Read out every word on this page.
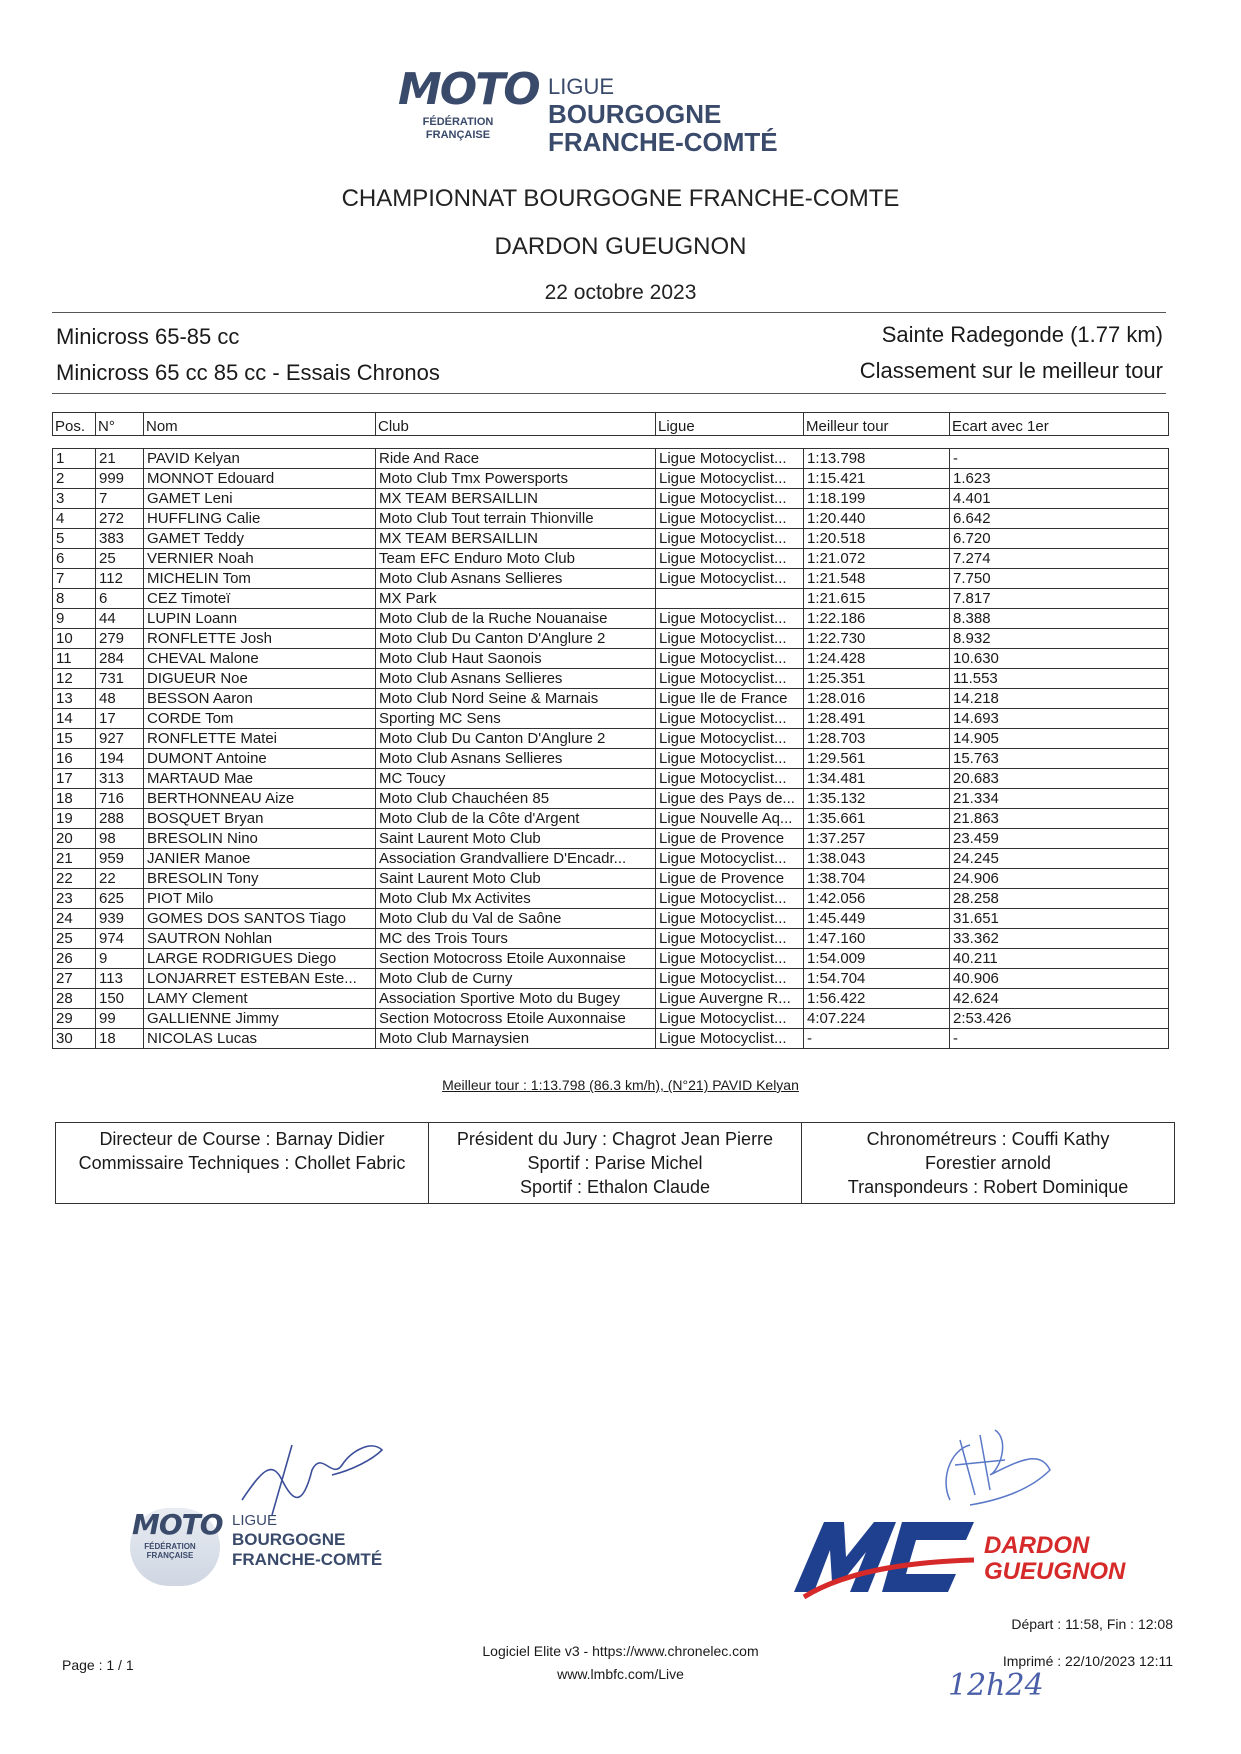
MOTO
FÉDÉRATION
FRANÇAISE
LIGUE
BOURGOGNE
FRANCHE-COMTÉ
CHAMPIONNAT BOURGOGNE FRANCHE-COMTE
DARDON GUEUGNON
22 octobre 2023
Minicross 65-85 cc
Minicross 65 cc 85 cc - Essais Chronos
Sainte Radegonde (1.77 km)
Classement sur le meilleur tour
Pos.	N°	Nom	Club	Ligue	Meilleur tour	Ecart avec 1er

1	21	PAVID Kelyan	Ride And Race	Ligue Motocyclist...	1:13.798	-
2	999	MONNOT Edouard	Moto Club Tmx Powersports	Ligue Motocyclist...	1:15.421	1.623
3	7	GAMET Leni	MX TEAM BERSAILLIN	Ligue Motocyclist...	1:18.199	4.401
4	272	HUFFLING Calie	Moto Club Tout terrain Thionville	Ligue Motocyclist...	1:20.440	6.642
5	383	GAMET Teddy	MX TEAM BERSAILLIN	Ligue Motocyclist...	1:20.518	6.720
6	25	VERNIER Noah	Team EFC Enduro Moto Club	Ligue Motocyclist...	1:21.072	7.274
7	112	MICHELIN Tom	Moto Club Asnans Sellieres	Ligue Motocyclist...	1:21.548	7.750
8	6	CEZ Timoteï	MX Park		1:21.615	7.817
9	44	LUPIN Loann	Moto Club de la Ruche Nouanaise	Ligue Motocyclist...	1:22.186	8.388
10	279	RONFLETTE Josh	Moto Club Du Canton D'Anglure 2	Ligue Motocyclist...	1:22.730	8.932
11	284	CHEVAL Malone	Moto Club Haut Saonois	Ligue Motocyclist...	1:24.428	10.630
12	731	DIGUEUR Noe	Moto Club Asnans Sellieres	Ligue Motocyclist...	1:25.351	11.553
13	48	BESSON Aaron	Moto Club Nord Seine & Marnais	Ligue Ile de France	1:28.016	14.218
14	17	CORDE Tom	Sporting MC Sens	Ligue Motocyclist...	1:28.491	14.693
15	927	RONFLETTE Matei	Moto Club Du Canton D'Anglure 2	Ligue Motocyclist...	1:28.703	14.905
16	194	DUMONT Antoine	Moto Club Asnans Sellieres	Ligue Motocyclist...	1:29.561	15.763
17	313	MARTAUD Mae	MC Toucy	Ligue Motocyclist...	1:34.481	20.683
18	716	BERTHONNEAU Aize	Moto Club Chauchéen 85	Ligue des Pays de...	1:35.132	21.334
19	288	BOSQUET Bryan	Moto Club de la Côte d'Argent	Ligue Nouvelle Aq...	1:35.661	21.863
20	98	BRESOLIN Nino	Saint Laurent Moto Club	Ligue de Provence	1:37.257	23.459
21	959	JANIER Manoe	Association Grandvalliere D'Encadr...	Ligue Motocyclist...	1:38.043	24.245
22	22	BRESOLIN Tony	Saint Laurent Moto Club	Ligue de Provence	1:38.704	24.906
23	625	PIOT Milo	Moto Club Mx Activites	Ligue Motocyclist...	1:42.056	28.258
24	939	GOMES DOS SANTOS Tiago	Moto Club du Val de Saône	Ligue Motocyclist...	1:45.449	31.651
25	974	SAUTRON Nohlan	MC des Trois Tours	Ligue Motocyclist...	1:47.160	33.362
26	9	LARGE RODRIGUES Diego	Section Motocross Etoile Auxonnaise	Ligue Motocyclist...	1:54.009	40.211
27	113	LONJARRET ESTEBAN Este...	Moto Club de Curny	Ligue Motocyclist...	1:54.704	40.906
28	150	LAMY Clement	Association Sportive Moto du Bugey	Ligue Auvergne R...	1:56.422	42.624
29	99	GALLIENNE Jimmy	Section Motocross Etoile Auxonnaise	Ligue Motocyclist...	4:07.224	2:53.426
30	18	NICOLAS Lucas	Moto Club Marnaysien	Ligue Motocyclist...	-	-
Meilleur tour : 1:13.798 (86.3 km/h), (N°21) PAVID Kelyan
Directeur de Course : Barnay Didier
Commissaire Techniques : Chollet Fabric

Président du Jury : Chagrot Jean Pierre
Sportif : Parise Michel
Sportif : Ethalon Claude

Chronométreurs : Couffi Kathy
Forestier arnold
Transpondeurs : Robert Dominique
MOTO
FÉDÉRATION
FRANÇAISE
LIGUE
BOURGOGNE
FRANCHE-COMTÉ
DARDON
GUEUGNON
Départ : 11:58, Fin : 12:08
Page : 1 / 1
Logiciel Elite v3 - https://www.chronelec.com
www.lmbfc.com/Live
Imprimé : 22/10/2023 12:11
12h24
